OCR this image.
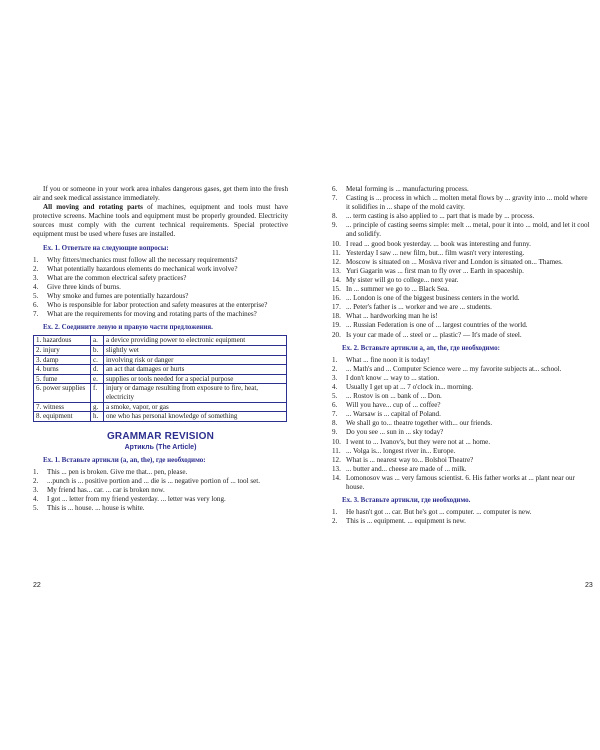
If you or someone in your work area inhales dangerous gases, get them into the fresh air and seek medical assistance immediately.

All moving and rotating parts of machines, equipment and tools must have protective screens. Machine tools and equipment must be properly grounded. Electricity sources must comply with the current technical requirements. Special protective equipment must be used where fuses are installed.

Ex. 1. Ответьте на следующие вопросы:
1. Why fitters/mechanics must follow all the necessary requirements?
2. What potentially hazardous elements do mechanical work involve?
3. What are the common electrical safety practices?
4. Give three kinds of burns.
5. Why smoke and fumes are potentially hazardous?
6. Who is responsible for labor protection and safety measures at the enterprise?
7. What are the requirements for moving and rotating parts of the machines?
Ex. 2. Соедините левую и правую части предложения.
1. hazardous	a.	a device providing power to electronic equipment
2. injury	b.	slightly wet
3. damp	c.	involving risk or danger
4. burns	d.	an act that damages or hurts
5. fume	e.	supplies or tools needed for a special purpose
6. power supplies	f.	injury or damage resulting from exposure to fire, heat, electricity
7. witness	g.	a smoke, vapor, or gas
8. equipment	h.	one who has personal knowledge of something
GRAMMAR REVISION
Артикль (The Article)
Ex. 1. Вставьте артикли (a, an, the), где необходимо:
1. This ... pen is broken. Give me that... pen, please.
2. ...punch is ... positive portion and ... die is ... negative portion of ... tool set.
3. My friend has... car. ... car is broken now.
4. I got ... letter from my friend yesterday. ... letter was very long.
5. This is ... house. ... house is white.
22
6. Metal forming is ... manufacturing process.
7. Casting is ... process in which ... molten metal flows by ... gravity into ... mold where it solidifies in ... shape of the mold cavity.
8. ... term casting is also applied to ... part that is made by ... process.
9. ... principle of casting seems simple: melt ... metal, pour it into ... mold, and let it cool and solidify.
10. I read ... good book yesterday. ... book was interesting and funny.
11. Yesterday I saw ... new film, but... film wasn't very interesting.
12. Moscow is situated on ... Moskva river and London is situated on... Thames.
13. Yuri Gagarin was ... first man to fly over ... Earth in spaceship.
14. My sister will go to college... next year.
15. In ... summer we go to ... Black Sea.
16. ... London is one of the biggest business centers in the world.
17. ... Peter's father is ... worker and we are ... students.
18. What ... hardworking man he is!
19. ... Russian Federation is one of ... largest countries of the world.
20. Is your car made of ... steel or ... plastic? — It's made of steel.
Ex. 2. Вставьте артикли a, an, the, где необходимо:
1. What ... fine noon it is today!
2. ... Math's and ... Computer Science were ... my favorite subjects at... school.
3. I don't know ... way to ... station.
4. Usually I get up at ... 7 o'clock in... morning.
5. ... Rostov is on ... bank of ... Don.
6. Will you have... cup of ... coffee?
7. ... Warsaw is ... capital of Poland.
8. We shall go to... theatre together with... our friends.
9. Do you see ... sun in ... sky today?
10. I went to ... Ivanov's, but they were not at ... home.
11. ... Volga is... longest river in... Europe.
12. What is ... nearest way to... Bolshoi Theatre?
13. ... butter and... cheese are made of ... milk.
14. Lomonosov was ... very famous scientist. 6. His father works at ... plant near our house.
Ex. 3. Вставьте артикли, где необходимо.
1. He hasn't got ... car. But he's got ... computer. ... computer is new.
2. This is ... equipment. ... equipment is new.
23
